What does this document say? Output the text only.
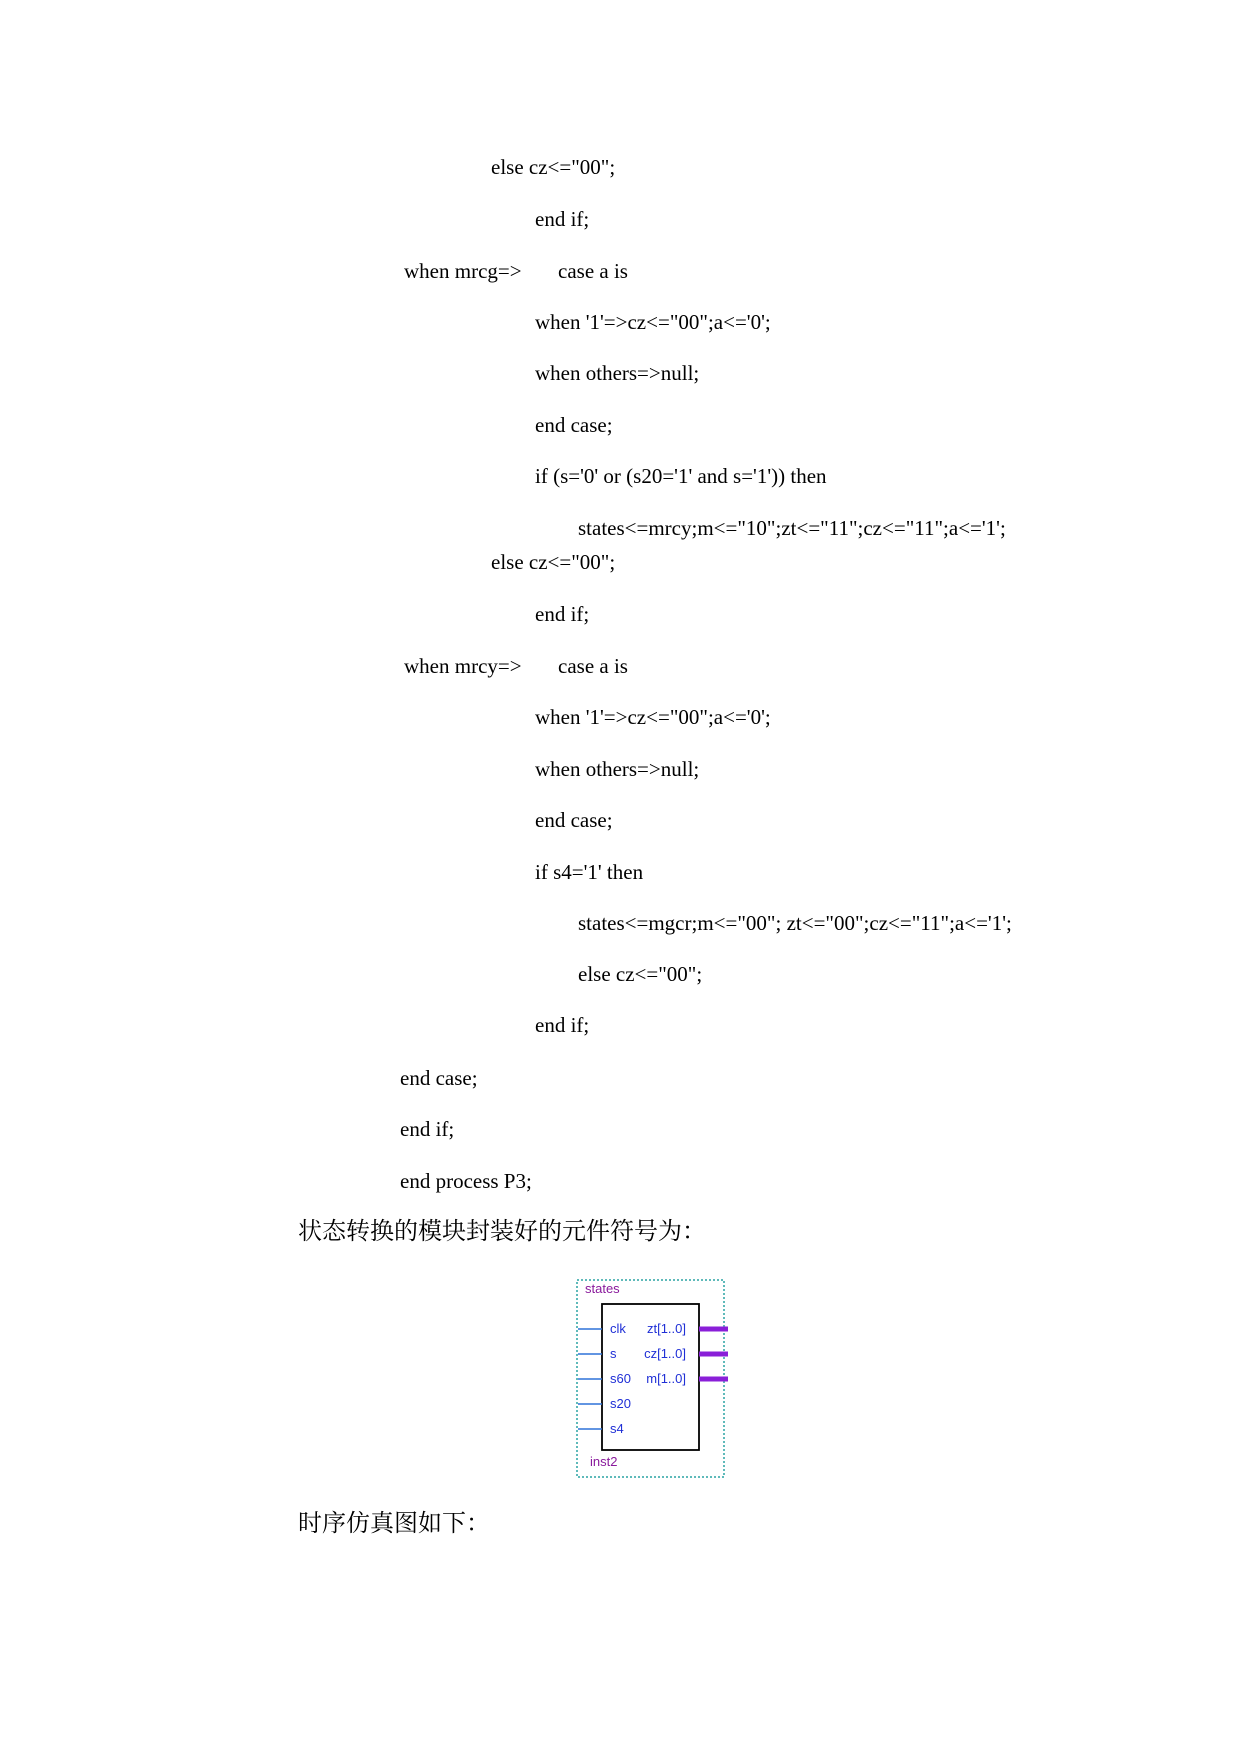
else cz<="00";
end if;
when mrcg=> case a is
when '1'=>cz<="00";a<='0';
when others=>null;
end case;
if (s='0' or (s20='1' and s='1')) then
states<=mrcy;m<="10";zt<="11";cz<="11";a<='1';
else cz<="00";
end if;
when mrcy=> case a is
when '1'=>cz<="00";a<='0';
when others=>null;
end case;
if s4='1' then
states<=mgcr;m<="00"; zt<="00";cz<="11";a<='1';
else cz<="00";
end if;
end case;
end if;
end process P3;
状态转换的模块封装好的元件符号为：
时序仿真图如下：
states
inst2
clk
s
s60
s20
s4
zt[1..0]
cz[1..0]
m[1..0]
